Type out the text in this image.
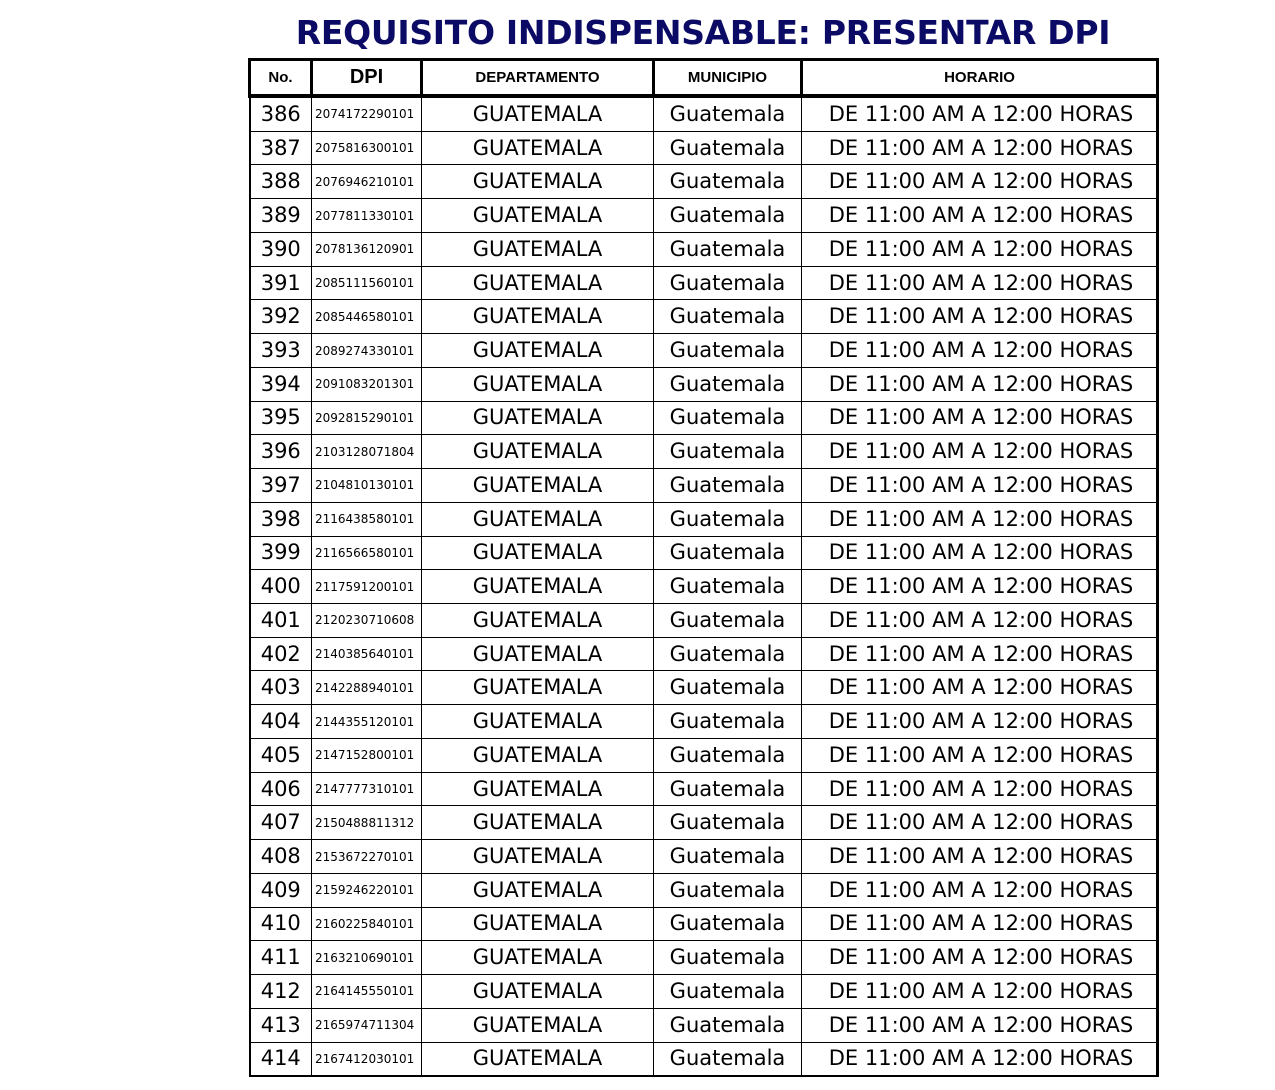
REQUISITO INDISPENSABLE: PRESENTAR DPI
No.	DPI	DEPARTAMENTO	MUNICIPIO	HORARIO
386	2074172290101	GUATEMALA	Guatemala	DE 11:00 AM A 12:00 HORAS
387	2075816300101	GUATEMALA	Guatemala	DE 11:00 AM A 12:00 HORAS
388	2076946210101	GUATEMALA	Guatemala	DE 11:00 AM A 12:00 HORAS
389	2077811330101	GUATEMALA	Guatemala	DE 11:00 AM A 12:00 HORAS
390	2078136120901	GUATEMALA	Guatemala	DE 11:00 AM A 12:00 HORAS
391	2085111560101	GUATEMALA	Guatemala	DE 11:00 AM A 12:00 HORAS
392	2085446580101	GUATEMALA	Guatemala	DE 11:00 AM A 12:00 HORAS
393	2089274330101	GUATEMALA	Guatemala	DE 11:00 AM A 12:00 HORAS
394	2091083201301	GUATEMALA	Guatemala	DE 11:00 AM A 12:00 HORAS
395	2092815290101	GUATEMALA	Guatemala	DE 11:00 AM A 12:00 HORAS
396	2103128071804	GUATEMALA	Guatemala	DE 11:00 AM A 12:00 HORAS
397	2104810130101	GUATEMALA	Guatemala	DE 11:00 AM A 12:00 HORAS
398	2116438580101	GUATEMALA	Guatemala	DE 11:00 AM A 12:00 HORAS
399	2116566580101	GUATEMALA	Guatemala	DE 11:00 AM A 12:00 HORAS
400	2117591200101	GUATEMALA	Guatemala	DE 11:00 AM A 12:00 HORAS
401	2120230710608	GUATEMALA	Guatemala	DE 11:00 AM A 12:00 HORAS
402	2140385640101	GUATEMALA	Guatemala	DE 11:00 AM A 12:00 HORAS
403	2142288940101	GUATEMALA	Guatemala	DE 11:00 AM A 12:00 HORAS
404	2144355120101	GUATEMALA	Guatemala	DE 11:00 AM A 12:00 HORAS
405	2147152800101	GUATEMALA	Guatemala	DE 11:00 AM A 12:00 HORAS
406	2147777310101	GUATEMALA	Guatemala	DE 11:00 AM A 12:00 HORAS
407	2150488811312	GUATEMALA	Guatemala	DE 11:00 AM A 12:00 HORAS
408	2153672270101	GUATEMALA	Guatemala	DE 11:00 AM A 12:00 HORAS
409	2159246220101	GUATEMALA	Guatemala	DE 11:00 AM A 12:00 HORAS
410	2160225840101	GUATEMALA	Guatemala	DE 11:00 AM A 12:00 HORAS
411	2163210690101	GUATEMALA	Guatemala	DE 11:00 AM A 12:00 HORAS
412	2164145550101	GUATEMALA	Guatemala	DE 11:00 AM A 12:00 HORAS
413	2165974711304	GUATEMALA	Guatemala	DE 11:00 AM A 12:00 HORAS
414	2167412030101	GUATEMALA	Guatemala	DE 11:00 AM A 12:00 HORAS
